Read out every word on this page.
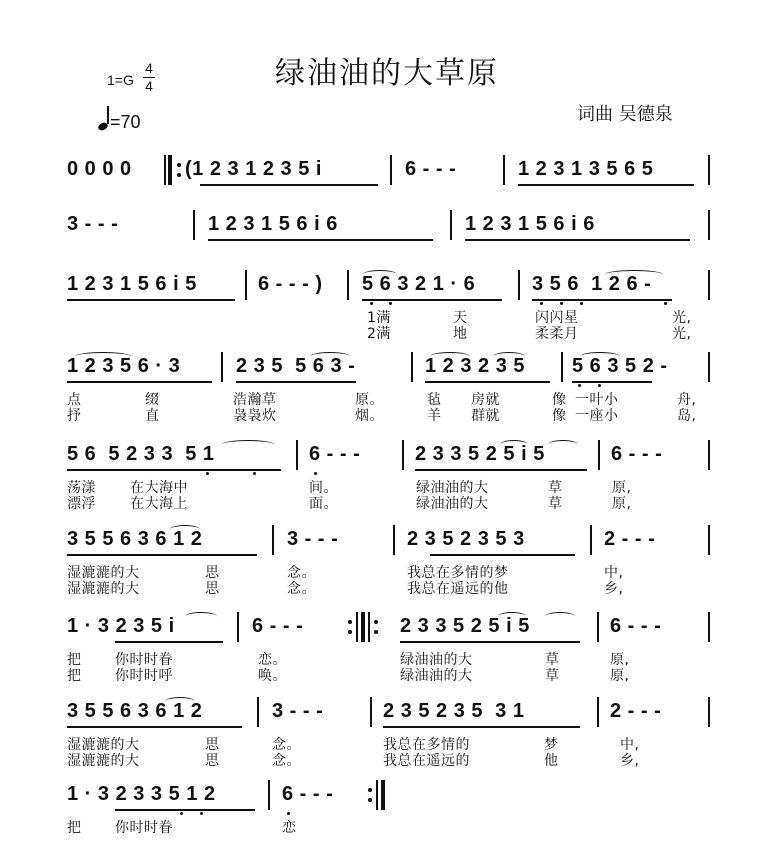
绿油油的大草原
1=G
4
4
=70	词曲 吴德泉
0 0 0 0	(1 2 3 1 2 3 5 i	6 - - -	1 2 3 1 3 5 6 5
3 - - -	1 2 3 1 5 6 i 6	1 2 3 1 5 6 i 6
1 2 3 1 5 6 i 5	6 - - - )	5 6 3 2 1 · 6	3 5 6  1 2 6 -
1满	天	闪闪星	光,
2满	地	柔柔月	光,
1 2 3 5 6 · 3	2 3 5  5 6 3 -	1 2 3 2 3 5	5 6 3 5 2 -
点	缀	浩瀚草	原。	毡 房就	像 一叶小	舟,
抒	直	袅袅炊	烟。	羊 群就	像 一座小	岛,
5 6  5 2 3 3  5 1	6 - - -	2 3 3 5 2 5 i 5	6 - - -
荡漾 在大海中	间。	绿油油的大	草	原,
漂浮 在大海上	面。	绿油油的大	草	原,
3 5 5 6 3 6 1 2	3 - - -	2 3 5 2 3 5 3	2 - - -
湿漉漉的大	思	念。	我总在多情的梦	中,
湿漉漉的大	思	念。	我总在遥远的他	乡,
1 · 3 2 3 5 i	6 - - -	2 3 3 5 2 5 i 5	6 - - -
把 你时时眷	恋。	绿油油的大	草	原,
把 你时时呼	唤。	绿油油的大	草	原,
3 5 5 6 3 6 1 2	3 - - -	2 3 5 2 3 5  3 1	2 - - -
湿漉漉的大	思	念。	我总在多情的	梦	中,
湿漉漉的大	思	念。	我总在遥远的	他	乡,
1 · 3 2 3 3 5 1 2	6 - - -
把 你时时眷	恋
